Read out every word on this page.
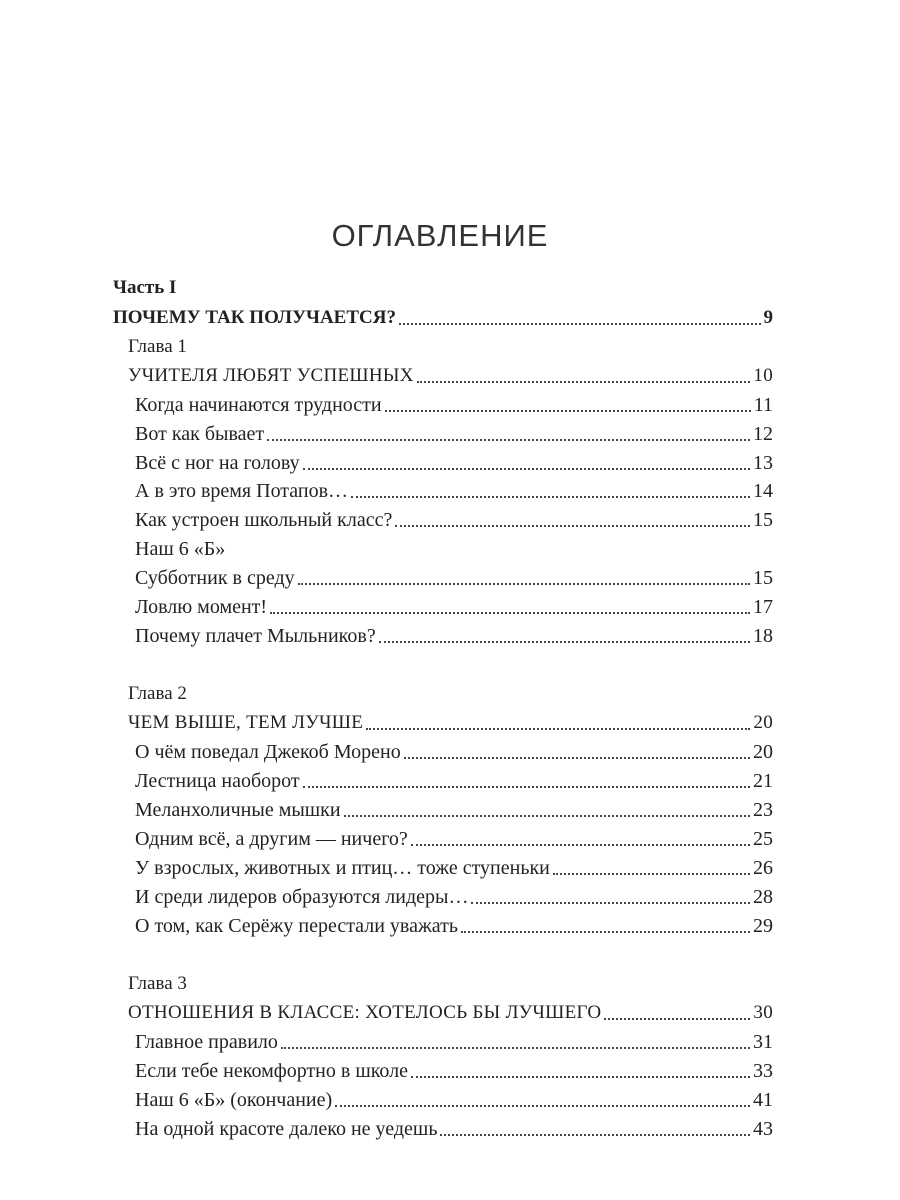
ОГЛАВЛЕНИЕ
Часть I
ПОЧЕМУ ТАК ПОЛУЧАЕТСЯ?	9
Глава 1
УЧИТЕЛЯ ЛЮБЯТ УСПЕШНЫХ	10
Когда начинаются трудности	11
Вот как бывает	12
Всё с ног на голову	13
А в это время Потапов…	14
Как устроен школьный класс?	15
Наш 6 «Б»
Субботник в среду	15
Ловлю момент!	17
Почему плачет Мыльников?	18
Глава 2
ЧЕМ ВЫШЕ, ТЕМ ЛУЧШЕ	20
О чём поведал Джекоб Морено	20
Лестница наоборот	21
Меланхоличные мышки	23
Одним всё, а другим — ничего?	25
У взрослых, животных и птиц… тоже ступеньки	26
И среди лидеров образуются лидеры…	28
О том, как Серёжу перестали уважать	29
Глава 3
ОТНОШЕНИЯ В КЛАССЕ: ХОТЕЛОСЬ БЫ ЛУЧШЕГО	30
Главное правило	31
Если тебе некомфортно в школе	33
Наш 6 «Б» (окончание)	41
На одной красоте далеко не уедешь	43
